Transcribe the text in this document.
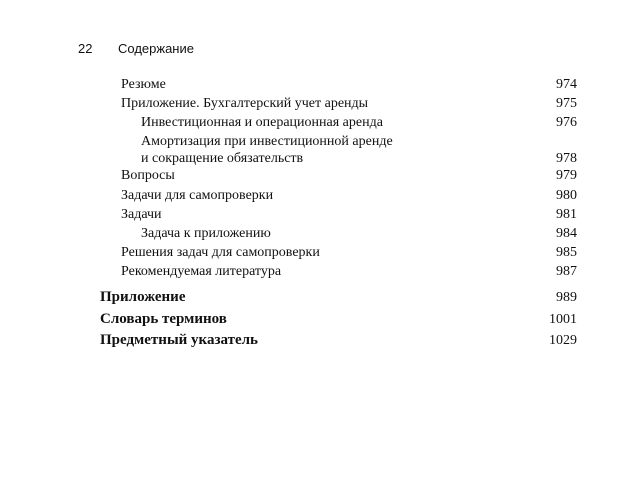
22 Содержание
Резюме	974
Приложение. Бухгалтерский учет аренды	975
Инвестиционная и операционная аренда	976
Амортизация при инвестиционной аренде
и сокращение обязательств	978
Вопросы	979
Задачи для самопроверки	980
Задачи	981
Задача к приложению	984
Решения задач для самопроверки	985
Рекомендуемая литература	987
Приложение	989
Словарь терминов	1001
Предметный указатель	1029
